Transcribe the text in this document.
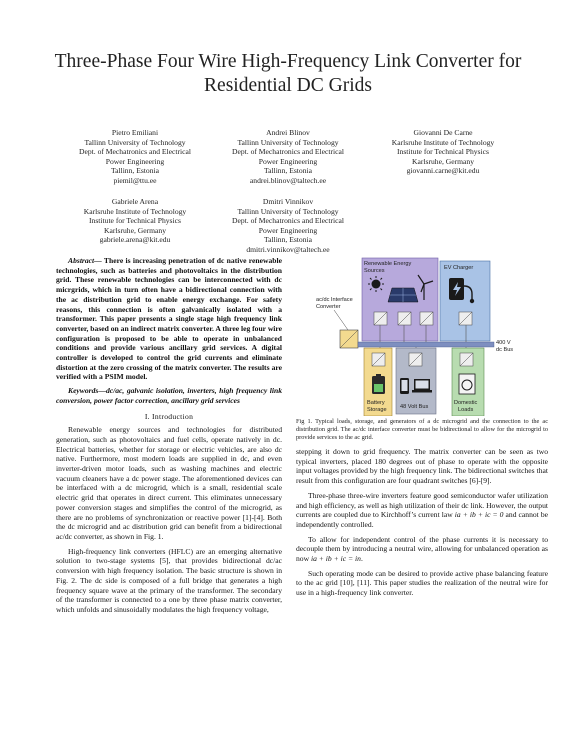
Three-Phase Four Wire High-Frequency Link Converter for Residential DC Grids
Pietro Emiliani
Tallinn University of Technology
Dept. of Mechatronics and Electrical
Power Engineering
Tallinn, Estonia
piemil@ttu.ee
Andrei Blinov
Tallinn University of Technology
Dept. of Mechatronics and Electrical
Power Engineering
Tallinn, Estonia
andrei.blinov@taltech.ee
Giovanni De Carne
Karlsruhe Institute of Technology
Institute for Technical Physics
Karlsruhe, Germany
giovanni.carne@kit.edu
Gabriele Arena
Karlsruhe Institute of Technology
Institute for Technical Physics
Karlsruhe, Germany
gabriele.arena@kit.edu
Dmitri Vinnikov
Tallinn University of Technology
Dept. of Mechatronics and Electrical
Power Engineering
Tallinn, Estonia
dmitri.vinnikov@taltech.ee

Abstract— There is increasing penetration of dc native renewable technologies, such as batteries and photovoltaics in the distribution grid. These renewable technologies can be interconnected with dc micrgrids, which in turn often have a bidirectional connection with the ac distribution grid to enable energy exchange. For safety reasons, this connection is often galvanically isolated with a transformer. This paper presents a single stage high frequency link converter, based on an indirect matrix converter. A three leg four wire configuration is proposed to be able to operate in unbalanced conditions and provide various ancillary grid services. A digital controller is developed to control the grid currents and eliminate distortion at the zero crossing of the matrix converter. The results are verified with a PSIM model.

Keywords—dc/ac, galvanic isolation, inverters, high frequency link conversion, power factor correction, ancillary grid services

I. Introduction

Renewable energy sources and technologies for distributed generation, such as photovoltaics and fuel cells, operate natively in dc. Electrical batteries, whether for storage or electric vehicles, are also dc native. Furthermore, most modern loads are supplied in dc, and even inverter-driven motor loads, such as washing machines and electric vacuum cleaners have a dc power stage. The aforementioned devices can be interfaced with a dc microgrid, which is a small, residential scale electric grid that operates in direct current. This eliminates unnecessary power conversion stages and simplifies the control of the microgrid, as there are no problems of synchronization or reactive power [1]-[4]. Both the dc microgrid and ac distribution grid can benefit from a bidirectional ac/dc converter, as shown in Fig. 1.

High-frequency link converters (HFLC) are an emerging alternative solution to two-stage systems [5], that provides bidirectional dc/ac conversion with high frequency isolation. The basic structure is shown in Fig. 2. The dc side is composed of a full bridge that generates a high frequency square wave at the primary of the transformer. The secondary of the transformer is connected to a one by three phase matrix converter, which unfolds and sinusoidally modulates the high frequency voltage,

Renewable Energy
Sources	EV Charger
ac/dc Interface
Converter
400 V
dc Bus
Battery
Storage 48 Volt Bus
Domestic
Loads
Fig 1. Typical loads, storage, and generators of a dc microgrid and the connection to the ac distribution grid. The ac/dc interface converter must be bidirectional to allow for the microgrid to provide services to the ac grid.

stepping it down to grid frequency. The matrix converter can be seen as two typical inverters, placed 180 degrees out of phase to operate with the opposite input voltages provided by the high frequency link. The bidirectional switches that result from this configuration are four quadrant switches [6]-[9].

Three-phase three-wire inverters feature good semiconductor wafer utilization and high efficiency, as well as high utilization of their dc link. However, the output currents are coupled due to Kirchhoff’s current law ia + ib + ic = 0 and cannot be independently controlled.

To allow for independent control of the phase currents it is necessary to decouple them by introducing a neutral wire, allowing for unbalanced operation as now ia + ib + ic = in.

Such operating mode can be desired to provide active phase balancing feature to the ac grid [10], [11]. This paper studies the realization of the neutral wire for use in a high-frequency link converter.
